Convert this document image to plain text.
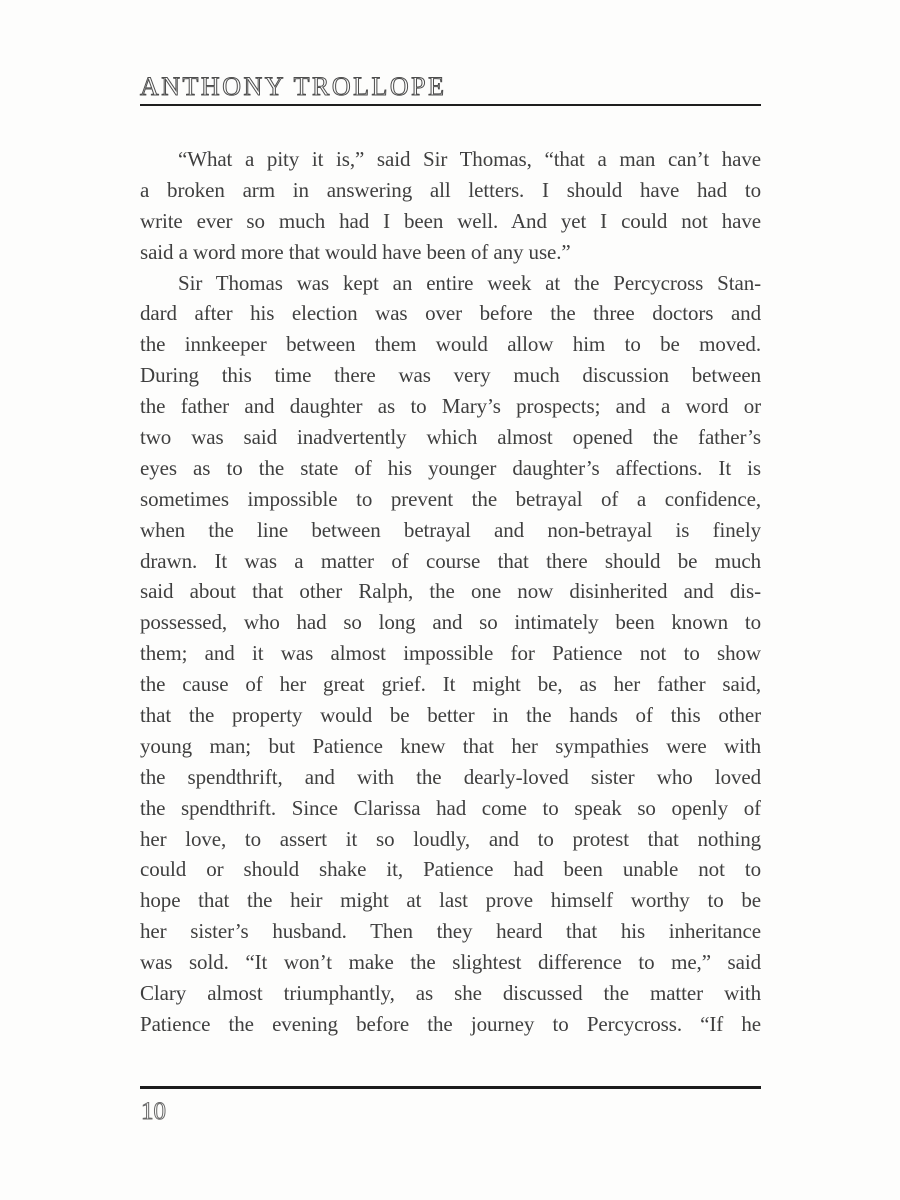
ANTHONY TROLLOPE
“What a pity it is,” said Sir Thomas, “that a man can’t have
a broken arm in answering all letters. I should have had to
write ever so much had I been well. And yet I could not have
said a word more that would have been of any use.”
Sir Thomas was kept an entire week at the Percycross Stan-
dard after his election was over before the three doctors and
the innkeeper between them would allow him to be moved.
During this time there was very much discussion between
the father and daughter as to Mary’s prospects; and a word or
two was said inadvertently which almost opened the father’s
eyes as to the state of his younger daughter’s affections. It is
sometimes impossible to prevent the betrayal of a confidence,
when the line between betrayal and non-betrayal is finely
drawn. It was a matter of course that there should be much
said about that other Ralph, the one now disinherited and dis-
possessed, who had so long and so intimately been known to
them; and it was almost impossible for Patience not to show
the cause of her great grief. It might be, as her father said,
that the property would be better in the hands of this other
young man; but Patience knew that her sympathies were with
the spendthrift, and with the dearly-loved sister who loved
the spendthrift. Since Clarissa had come to speak so openly of
her love, to assert it so loudly, and to protest that nothing
could or should shake it, Patience had been unable not to
hope that the heir might at last prove himself worthy to be
her sister’s husband. Then they heard that his inheritance
was sold. “It won’t make the slightest difference to me,” said
Clary almost triumphantly, as she discussed the matter with
Patience the evening before the journey to Percycross. “If he
10
